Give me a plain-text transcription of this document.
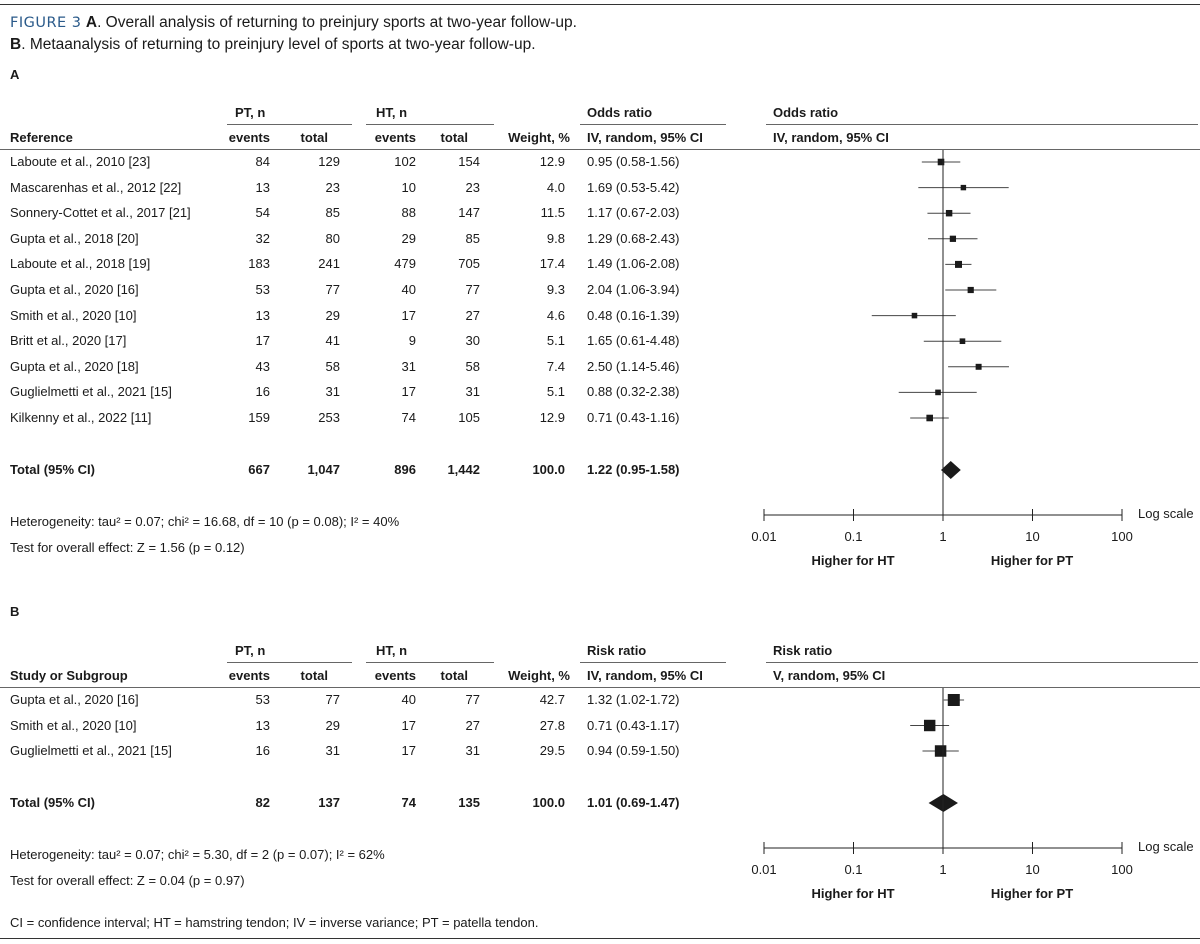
FIGURE 3 A. Overall analysis of returning to preinjury sports at two-year follow-up.
B. Metaanalysis of returning to preinjury level of sports at two-year follow-up.
A
PT, n	HT, n	Odds ratio	Odds ratio
Reference	events total	events total	Weight, % IV, random, 95% CI	IV, random, 95% CI
Laboute et al., 2010 [23]	84	129	102	154	12.9 0.95 (0.58-1.56)
Mascarenhas et al., 2012 [22]	13	23	10	23	4.0 1.69 (0.53-5.42)
Sonnery-Cottet et al., 2017 [21]	54	85	88	147	11.5 1.17 (0.67-2.03)
Gupta et al., 2018 [20]	32	80	29	85	9.8 1.29 (0.68-2.43)
Laboute et al., 2018 [19]	183	241	479	705	17.4 1.49 (1.06-2.08)
Gupta et al., 2020 [16]	53	77	40	77	9.3 2.04 (1.06-3.94)
Smith et al., 2020 [10]	13	29	17	27	4.6 0.48 (0.16-1.39)
Britt et al., 2020 [17]	17	41	9	30	5.1 1.65 (0.61-4.48)
Gupta et al., 2020 [18]	43	58	31	58	7.4 2.50 (1.14-5.46)
Guglielmetti et al., 2021 [15]	16	31	17	31	5.1 0.88 (0.32-2.38)
Kilkenny et al., 2022 [11]	159	253	74	105	12.9 0.71 (0.43-1.16)
Total (95% CI)	667	1,047	896 1,442	100.0 1.22 (0.95-1.58)
0.01	0.1	1	10	100
Log scale
Higher for HT	Higher for PT
Heterogeneity: tau² = 0.07; chi² = 16.68, df = 10 (p = 0.08); I² = 40%
Test for overall effect: Z = 1.56 (p = 0.12)
B
PT, n	HT, n	Risk ratio	Risk ratio
Study or Subgroup	events total	events total	Weight, % IV, random, 95% CI	V, random, 95% CI
Gupta et al., 2020 [16]	53	77	40	77	42.7 1.32 (1.02-1.72)
Smith et al., 2020 [10]	13	29	17	27	27.8 0.71 (0.43-1.17)
Guglielmetti et al., 2021 [15]	16	31	17	31	29.5 0.94 (0.59-1.50)
Total (95% CI)	82	137	74	135	100.0 1.01 (0.69-1.47)
0.01	0.1	1	10	100
Log scale
Higher for HT	Higher for PT
Heterogeneity: tau² = 0.07; chi² = 5.30, df = 2 (p = 0.07); I² = 62%
Test for overall effect: Z = 0.04 (p = 0.97)
CI = confidence interval; HT = hamstring tendon; IV = inverse variance; PT = patella tendon.
